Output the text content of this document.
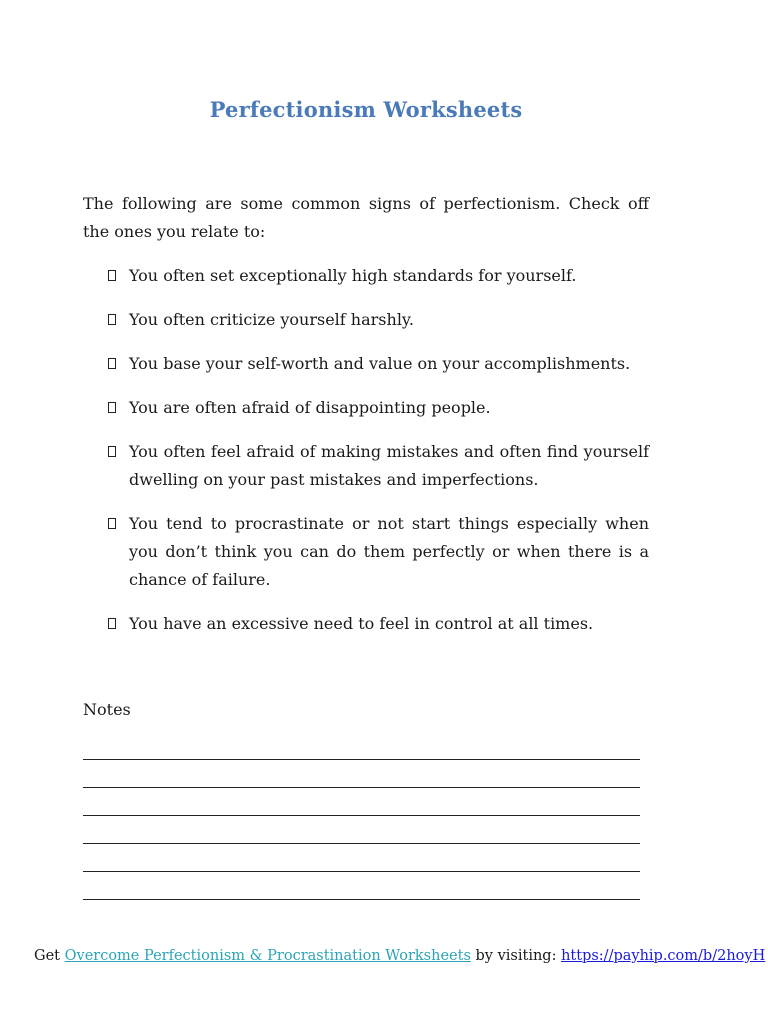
Perfectionism Worksheets

The following are some common signs of perfectionism. Check off the ones you relate to:

You often set exceptionally high standards for yourself.
You often criticize yourself harshly.
You base your self-worth and value on your accomplishments.
You are often afraid of disappointing people.
You often feel afraid of making mistakes and often find yourself dwelling on your past mistakes and imperfections.
You tend to procrastinate or not start things especially when you don’t think you can do them perfectly or when there is a chance of failure.
You have an excessive need to feel in control at all times.

Notes

Get Overcome Perfectionism & Procrastination Worksheets by visiting: https://payhip.com/b/2hoyH
